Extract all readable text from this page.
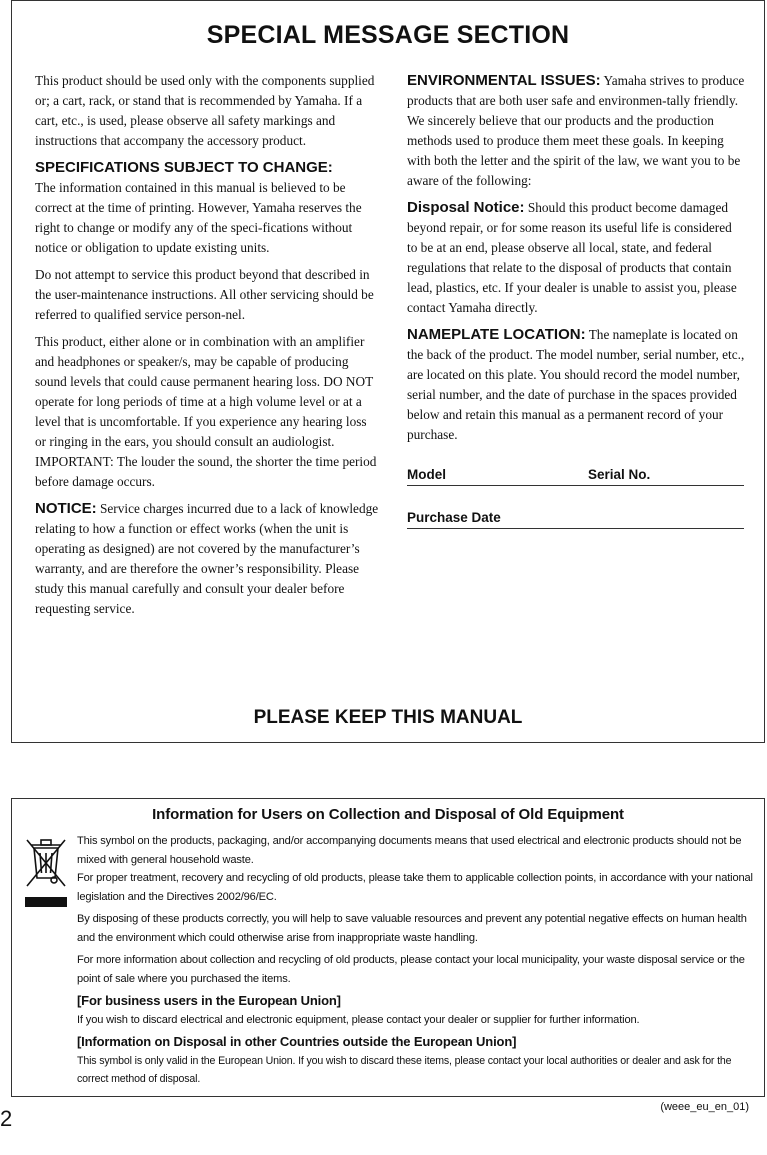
SPECIAL MESSAGE SECTION

This product should be used only with the components supplied or; a cart, rack, or stand that is recommended by Yamaha. If a cart, etc., is used, please observe all safety markings and instructions that accompany the accessory product.

SPECIFICATIONS SUBJECT TO CHANGE:

The information contained in this manual is believed to be correct at the time of printing. However, Yamaha reserves the right to change or modify any of the speci-fications without notice or obligation to update existing units.

Do not attempt to service this product beyond that described in the user-maintenance instructions. All other servicing should be referred to qualified service person-nel.

This product, either alone or in combination with an amplifier and headphones or speaker/s, may be capable of producing sound levels that could cause permanent hearing loss. DO NOT operate for long periods of time at a high volume level or at a level that is uncomfortable. If you experience any hearing loss or ringing in the ears, you should consult an audiologist.

IMPORTANT: The louder the sound, the shorter the time period before damage occurs.

NOTICE: Service charges incurred due to a lack of knowledge relating to how a function or effect works (when the unit is operating as designed) are not covered by the manufacturer’s warranty, and are therefore the owner’s responsibility. Please study this manual carefully and consult your dealer before requesting service.

ENVIRONMENTAL ISSUES: Yamaha strives to produce products that are both user safe and environmen-tally friendly. We sincerely believe that our products and the production methods used to produce them meet these goals. In keeping with both the letter and the spirit of the law, we want you to be aware of the following:

Disposal Notice: Should this product become damaged beyond repair, or for some reason its useful life is considered to be at an end, please observe all local, state, and federal regulations that relate to the disposal of products that contain lead, plastics, etc. If your dealer is unable to assist you, please contact Yamaha directly.

NAMEPLATE LOCATION: The nameplate is located on the back of the product. The model number, serial number, etc., are located on this plate. You should record the model number, serial number, and the date of purchase in the spaces provided below and retain this manual as a permanent record of your purchase.

Model	Serial No.
Purchase Date
PLEASE KEEP THIS MANUAL
Information for Users on Collection and Disposal of Old Equipment

This symbol on the products, packaging, and/or accompanying documents means that used electrical and electronic products should not be mixed with general household waste.

For proper treatment, recovery and recycling of old products, please take them to applicable collection points, in accordance with your national legislation and the Directives 2002/96/EC.

By disposing of these products correctly, you will help to save valuable resources and prevent any potential negative effects on human health and the environment which could otherwise arise from inappropriate waste handling.

For more information about collection and recycling of old products, please contact your local municipality, your waste disposal service or the point of sale where you purchased the items.

[For business users in the European Union]

If you wish to discard electrical and electronic equipment, please contact your dealer or supplier for further information.

[Information on Disposal in other Countries outside the European Union]

This symbol is only valid in the European Union. If you wish to discard these items, please contact your local authorities or dealer and ask for the correct method of disposal.

(weee_eu_en_01)
2
